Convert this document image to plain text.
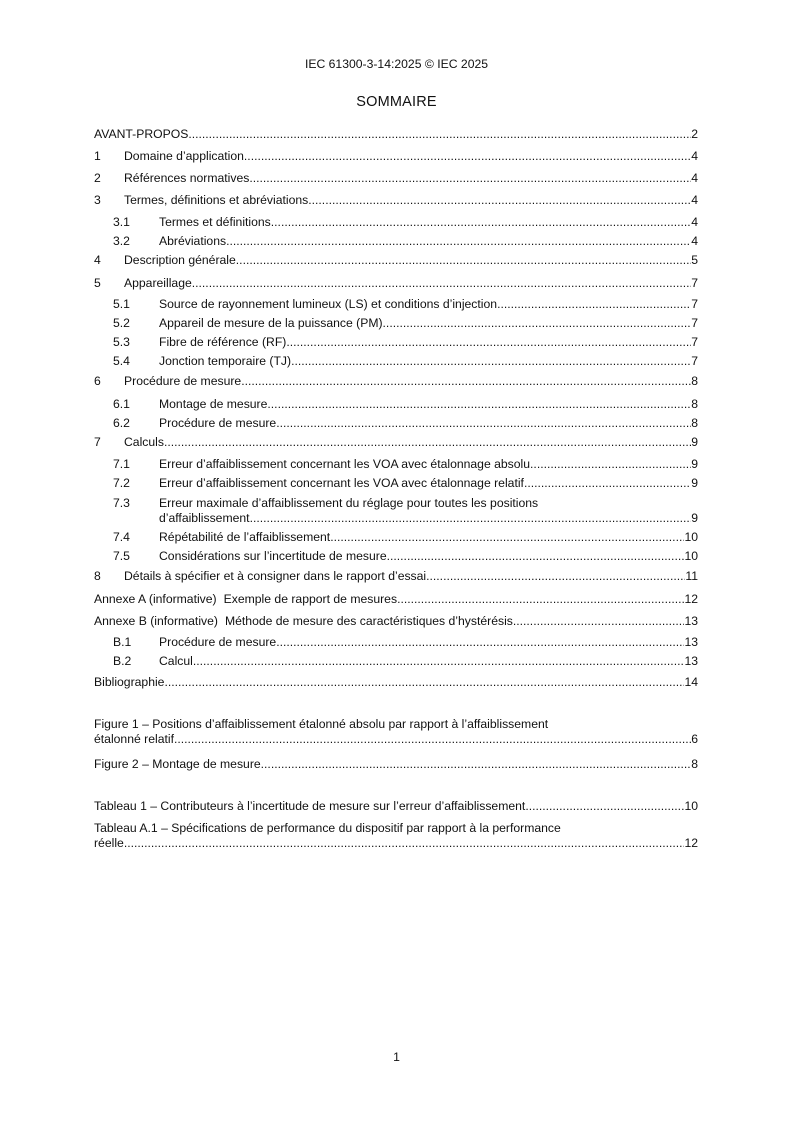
IEC 61300-3-14:2025 © IEC 2025
SOMMAIRE
AVANT-PROPOS .....	2
1 Domaine d’application .....	4
2 Références normatives .....	4
3 Termes, définitions et abréviations .....	4
3.1 Termes et définitions .....	4
3.2 Abréviations .....	4
4 Description générale .....	5
5 Appareillage .....	7
5.1 Source de rayonnement lumineux (LS) et conditions d’injection .....	7
5.2 Appareil de mesure de la puissance (PM) .....	7
5.3 Fibre de référence (RF) .....	7
5.4 Jonction temporaire (TJ) .....	7
6 Procédure de mesure .....	8
6.1 Montage de mesure .....	8
6.2 Procédure de mesure .....	8
7 Calculs .....	9
7.1 Erreur d’affaiblissement concernant les VOA avec étalonnage absolu .....	9
7.2 Erreur d’affaiblissement concernant les VOA avec étalonnage relatif .....	9
7.3 Erreur maximale d’affaiblissement du réglage pour toutes les positions
d’affaiblissement .....	9
7.4 Répétabilité de l’affaiblissement .....	10
7.5 Considérations sur l’incertitude de mesure .....	10
8 Détails à spécifier et à consigner dans le rapport d’essai .....	11
Annexe A (informative) Exemple de rapport de mesures .....	12
Annexe B (informative) Méthode de mesure des caractéristiques d’hystérésis .....	13
B.1 Procédure de mesure .....	13
B.2 Calcul .....	13
Bibliographie .....	14
Figure 1 – Positions d’affaiblissement étalonné absolu par rapport à l’affaiblissement
étalonné relatif .....	6
Figure 2 – Montage de mesure .....	8
Tableau 1 – Contributeurs à l’incertitude de mesure sur l’erreur d’affaiblissement .....	10
Tableau A.1 – Spécifications de performance du dispositif par rapport à la performance
réelle .....	12
1
